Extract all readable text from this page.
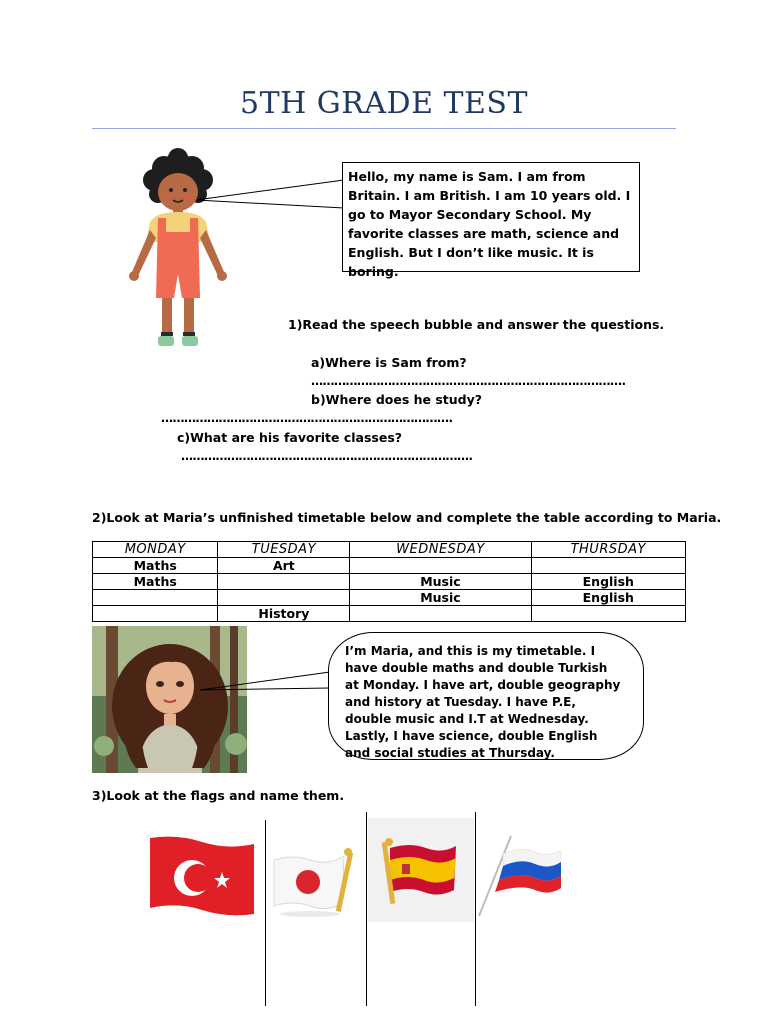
5TH GRADE TEST
Hello, my name is Sam. I am from Britain. I am British. I am 10 years old. I go to Mayor Secondary School. My favorite classes are math, science and English. But I don’t like music. It is boring.
1)Read the speech bubble and answer the questions.
a)Where is Sam from?
……………………………………………………………………….
b)Where does he study?
………………………………………………………………….
c)What are his favorite classes?
………………………………………………………………….
2)Look at Maria’s unfinished timetable below and complete the table according to Maria.
MONDAY	TUESDAY	WEDNESDAY	THURSDAY
Maths	Art		
Maths		Music	English
		Music	English
	History		
I’m Maria, and this is my timetable. I have double maths and double Turkish at Monday. I have art, double geography and history at Tuesday. I have P.E, double music and I.T at Wednesday. Lastly, I have science, double English and social studies at Thursday.
3)Look at the flags and name them.
